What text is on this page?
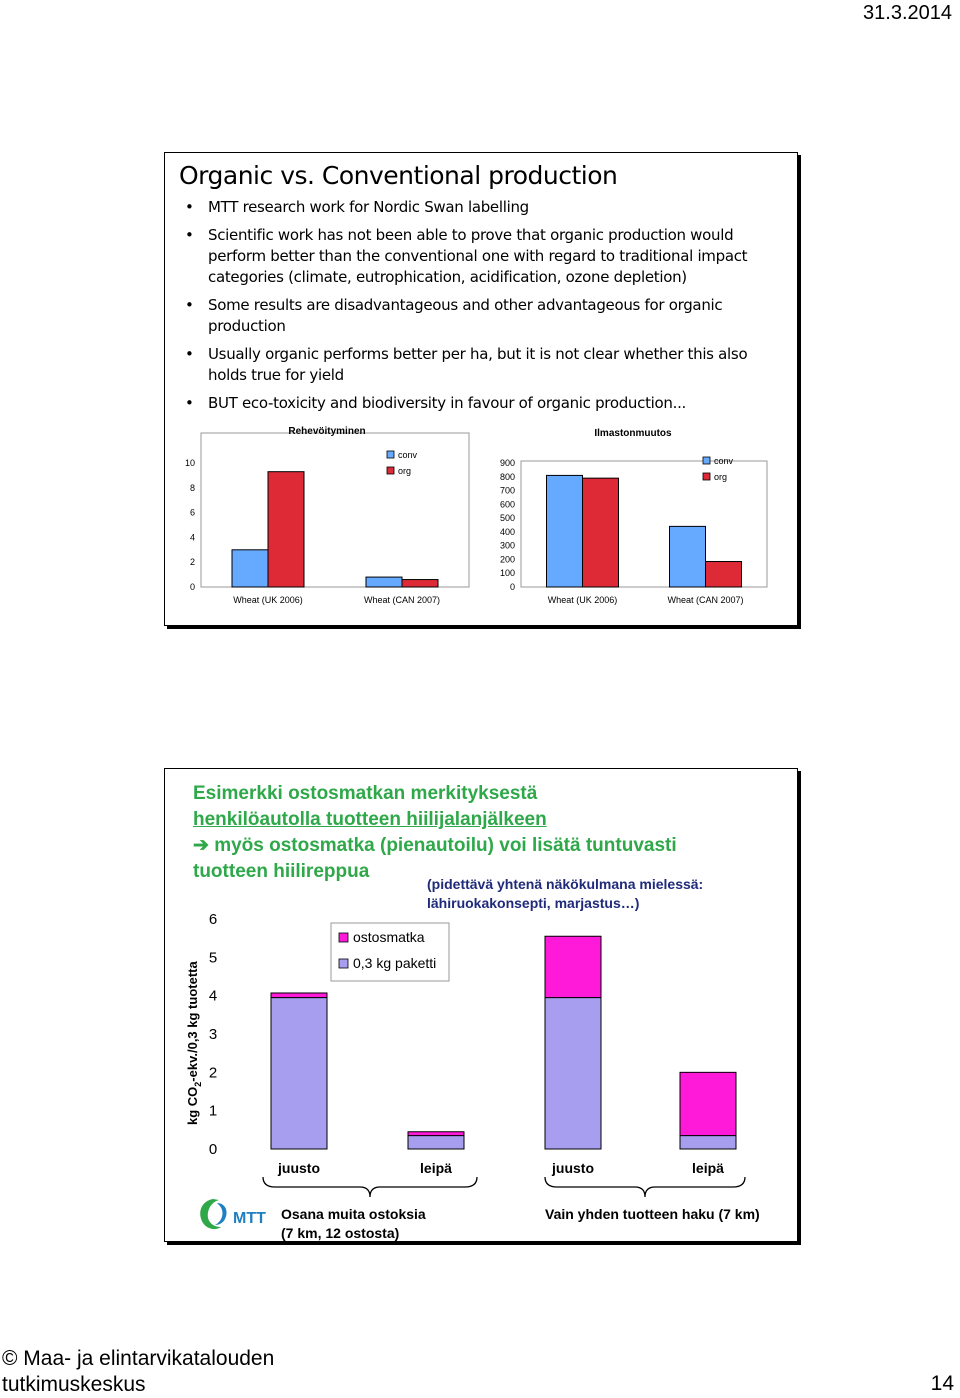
31.3.2014
Organic vs. Conventional production
• MTT research work for Nordic Swan labelling
• Scientific work has not been able to prove that organic production would perform better than the conventional one with regard to traditional impact categories (climate, eutrophication, acidification, ozone depletion)
• Some results are disadvantageous and other advantageous for organic production
• Usually organic performs better per ha, but it is not clear whether this also holds true for yield
• BUT eco-toxicity and biodiversity in favour of organic production...
Rehevöityminen
0
2
4
6
8
10
Wheat (UK 2006)	Wheat (CAN 2007)
conv
org
Ilmastonmuutos
0
100
200
300
400
500
600
700
800
900
Wheat (UK 2006)	Wheat (CAN 2007)
conv
org
Esimerkki ostosmatkan merkityksestä
henkilöautolla tuotteen hiilijalanjälkeen
➔ myös ostosmatka (pienautoilu) voi lisätä tuntuvasti
tuotteen hiilireppua
(pidettävä yhtenä näkökulmana mielessä:
lähiruokakonsepti, marjastus…)
0
1
2
3
4
5
6
kg $CO_2-ekv./0,3$ kg tuotetta
juusto	leipä	juusto	leipä
ostosmatka
0,3 kg paketti
Osana muita ostoksia
(7 km, 12 ostosta)
Vain yhden tuotteen haku (7 km)
MTT
© Maa- ja elintarvikatalouden
tutkimuskeskus	14
